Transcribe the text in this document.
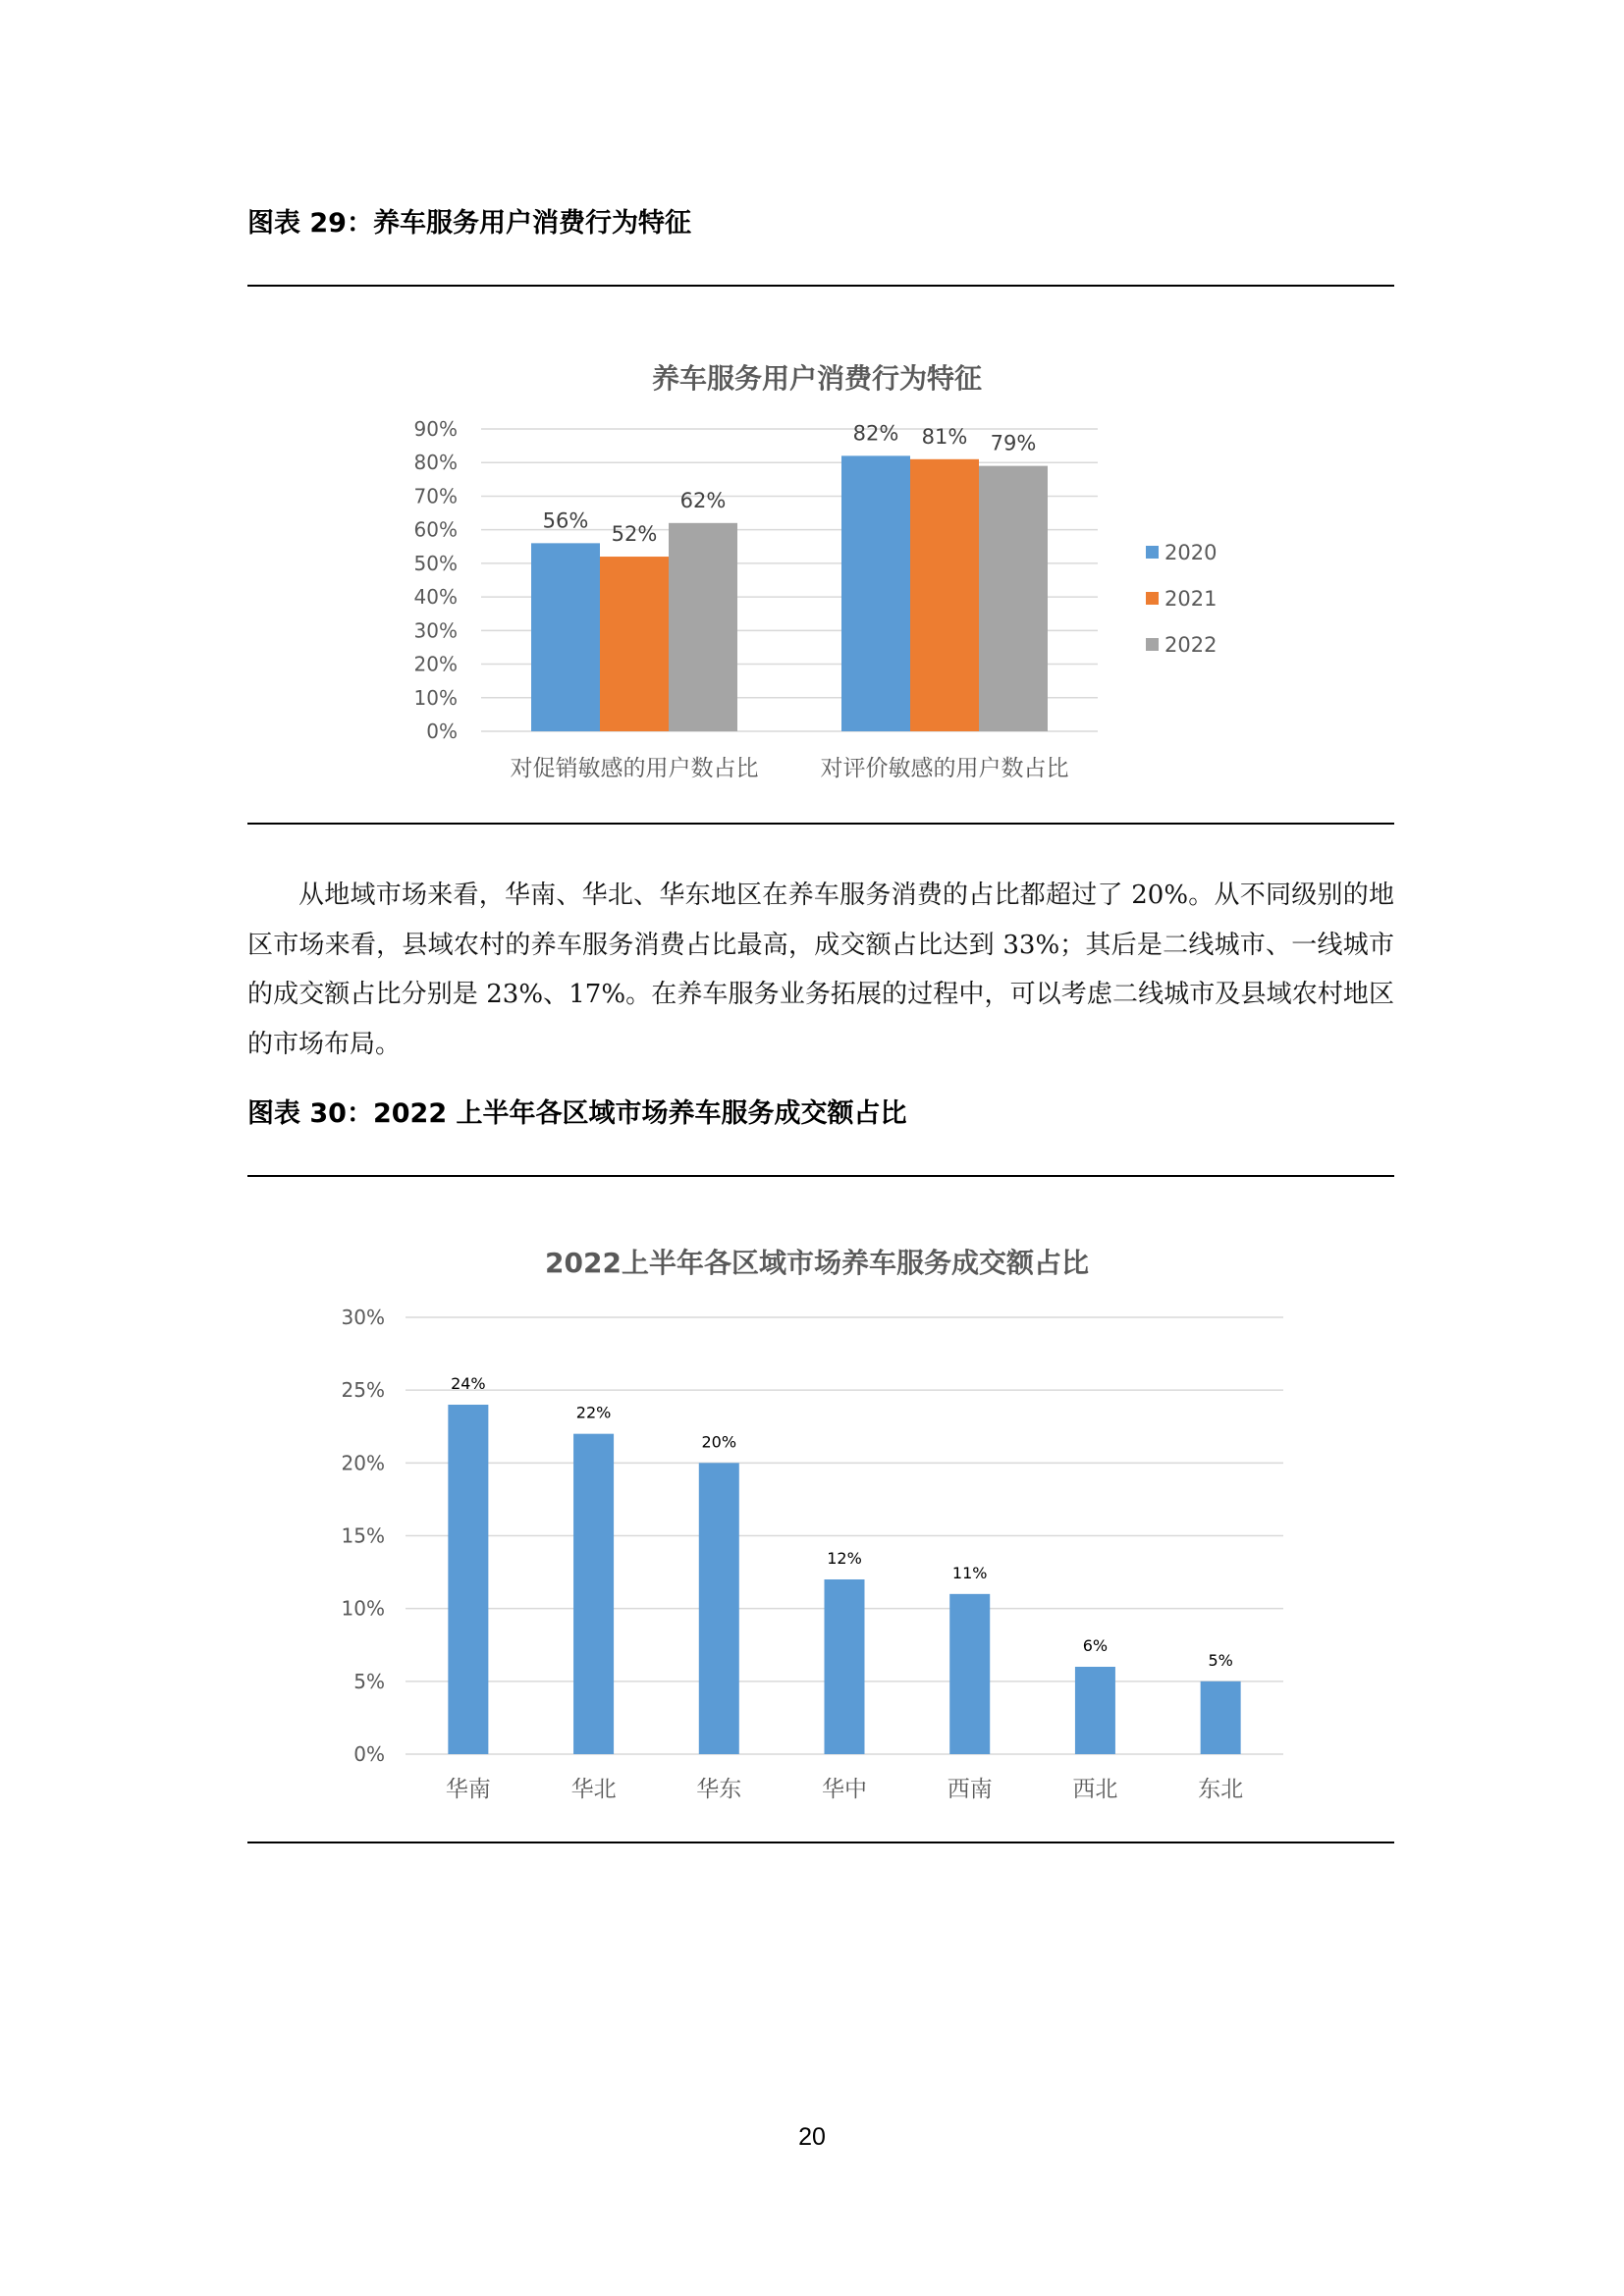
图表 29：养车服务用户消费行为特征
养车服务用户消费行为特征
0%
10%
20%
30%
40%
50%
60%
70%
80%
90%
56%
82%
52%
81%
62%
79%
对促销敏感的用户数占比	对评价敏感的用户数占比
2020
2021
2022

从地域市场来看，华南、华北、华东地区在养车服务消费的占比都超过了 20%。从不同级别的地区市场来看，县域农村的养车服务消费占比最高，成交额占比达到 33%；其后是二线城市、一线城市的成交额占比分别是 23%、17%。在养车服务业务拓展的过程中，可以考虑二线城市及县域农村地区的市场布局。

图表 30：2022 上半年各区域市场养车服务成交额占比
2022上半年各区域市场养车服务成交额占比
0%
5%
10%
15%
20%
25%
30%
24%
华南
22%
华北
20%
华东
12%
华中
11%
西南
6%
西北
5%
东北
20
